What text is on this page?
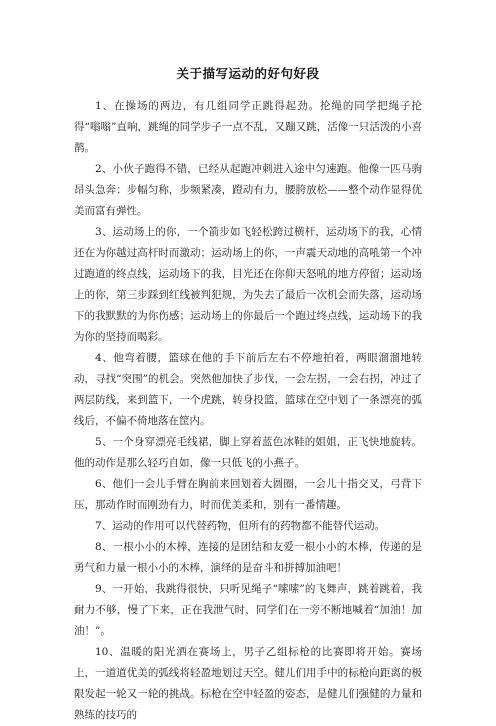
关于描写运动的好句好段

1、在操场的两边，有几组同学正跳得起劲。抡绳的同学把绳子抡得“嗡嗡”直响，跳绳的同学步子一点不乱，又蹦又跳，活像一只活泼的小喜鹊。

2、小伙子跑得不错，已经从起跑冲刺进入途中匀速跑。他像一匹马驹昂头急奔：步幅匀称，步频紧凑，蹬动有力，腰胯放松——整个动作显得优美而富有弹性。

3、运动场上的你，一个箭步如飞轻松跨过横杆，运动场下的我，心情还在为你越过高杆时而激动；运动场上的你，一声震天动地的高吼第一个冲过跑道的终点线，运动场下的我，目光还在你仰天怒吼的地方停留；运动场上的你，第三步踩到红线被判犯规，为失去了最后一次机会而失落，运动场下的我默默的为你伤感；运动场上的你最后一个跑过终点线，运动场下的我为你的坚持而喝彩。

4、他弯着腰，篮球在他的手下前后左右不停地拍着，两眼溜溜地转动，寻找“突围”的机会。突然他加快了步伐，一会左拐，一会右拐，冲过了两层防线，来到篮下，一个虎跳，转身投篮，篮球在空中划了一条漂亮的弧线后，不偏不倚地落在筐内。

5、一个身穿漂亮毛线裙，脚上穿着蓝色冰鞋的姐姐，正飞快地旋转。他的动作是那么轻巧自如，像一只低飞的小燕子。

6、他们一会儿手臂在胸前来回划着大圆圈，一会儿十指交叉，弓背下压，那动作时而刚劲有力，时而优美柔和，别有一番情趣。

7、运动的作用可以代替药物，但所有的药物都不能替代运动。

8、一根小小的木棒，连接的是团结和友爱一根小小的木棒，传递的是勇气和力量一根小小的木棒，演绎的是奋斗和拼搏加油吧！

9、一开始，我跳得很快，只听见绳子“嗦嗦”的飞舞声，跳着跳着，我耐力不够，慢了下来，正在我泄气时，同学们在一旁不断地喊着“加油！加油！”。

10、温暖的阳光洒在赛场上，男子乙组标枪的比赛即将开始。赛场上，一道道优美的弧线将轻盈地划过天空。健儿们用手中的标枪向距离的极限发起一轮又一轮的挑战。标枪在空中轻盈的姿态，是健儿们强健的力量和熟练的技巧的
